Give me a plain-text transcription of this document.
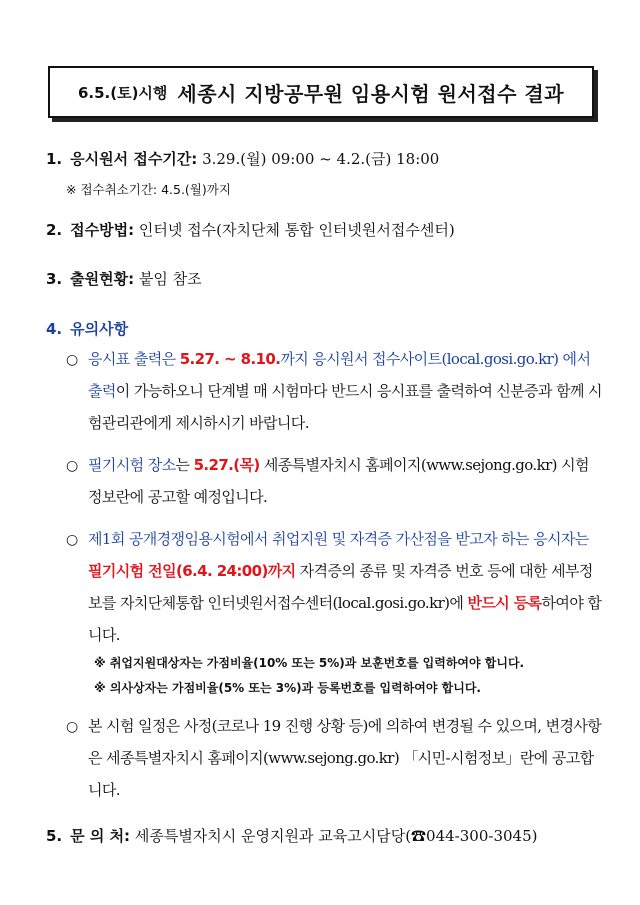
6.5.(토)시행 세종시 지방공무원 임용시험 원서접수 결과
1. 응시원서 접수기간: 3.29.(월) 09:00 ~ 4.2.(금) 18:00
※ 접수취소기간: 4.5.(월)까지
2. 접수방법: 인터넷 접수(자치단체 통합 인터넷원서접수센터)
3. 출원현황: 붙임 참조
4. 유의사항
○ 응시표 출력은 5.27. ~ 8.10.까지 응시원서 접수사이트(local.gosi.go.kr) 에서 출력이 가능하오니 단계별 매 시험마다 반드시 응시표를 출력하여 신분증과 함께 시험관리관에게 제시하시기 바랍니다.
○ 필기시험 장소는 5.27.(목) 세종특별자치시 홈페이지(www.sejong.go.kr) 시험정보란에 공고할 예정입니다.
○ 제1회 공개경쟁임용시험에서 취업지원 및 자격증 가산점을 받고자 하는 응시자는 필기시험 전일(6.4. 24:00)까지 자격증의 종류 및 자격증 번호 등에 대한 세부정보를 자치단체통합 인터넷원서접수센터(local.gosi.go.kr)에 반드시 등록하여야 합니다.
※ 취업지원대상자는 가점비율(10% 또는 5%)과 보훈번호를 입력하여야 합니다.
※ 의사상자는 가점비율(5% 또는 3%)과 등록번호를 입력하여야 합니다.
○ 본 시험 일정은 사정(코로나 19 진행 상황 등)에 의하여 변경될 수 있으며, 변경사항은 세종특별자치시 홈페이지(www.sejong.go.kr) 「시민-시험정보」란에 공고합니다.
5. 문 의 처: 세종특별자치시 운영지원과 교육고시담당(☎044-300-3045)
